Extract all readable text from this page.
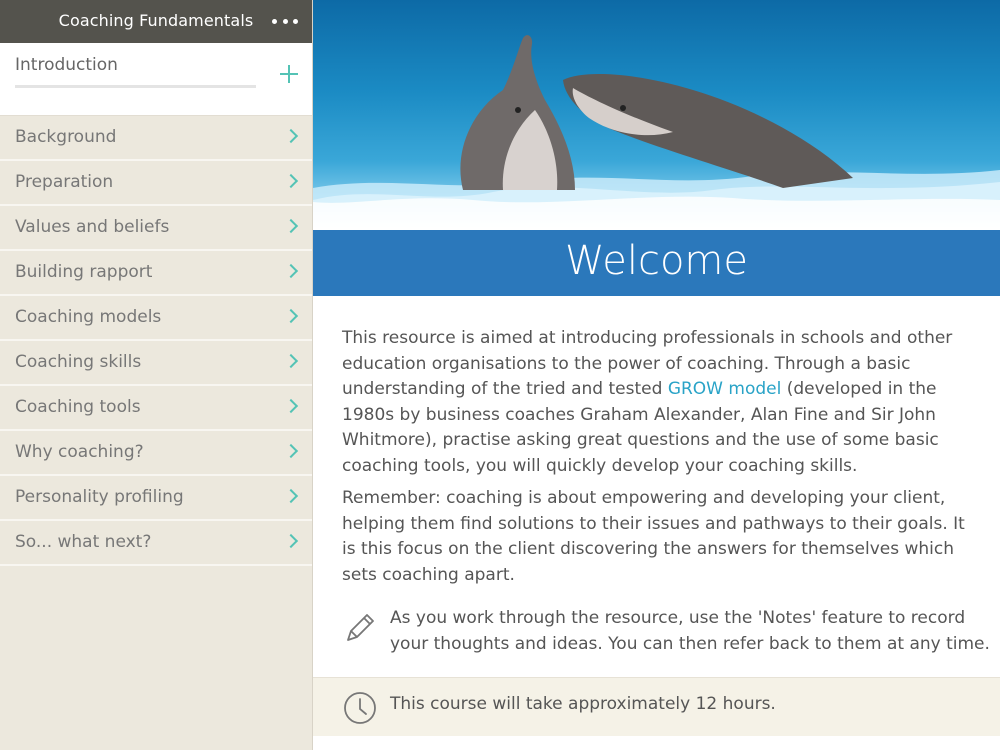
Coaching Fundamentals
Introduction
Background
Preparation
Values and beliefs
Building rapport
Coaching models
Coaching skills
Coaching tools
Why coaching?
Personality profiling
So... what next?
Welcome

This resource is aimed at introducing professionals in schools and other education organisations to the power of coaching. Through a basic understanding of the tried and tested GROW model (developed in the 1980s by business coaches Graham Alexander, Alan Fine and Sir John Whitmore), practise asking great questions and the use of some basic coaching tools, you will quickly develop your coaching skills.

Remember: coaching is about empowering and developing your client, helping them find solutions to their issues and pathways to their goals. It is this focus on the client discovering the answers for themselves which sets coaching apart.

As you work through the resource, use the 'Notes' feature to record your thoughts and ideas. You can then refer back to them at any time.
This course will take approximately 12 hours.
